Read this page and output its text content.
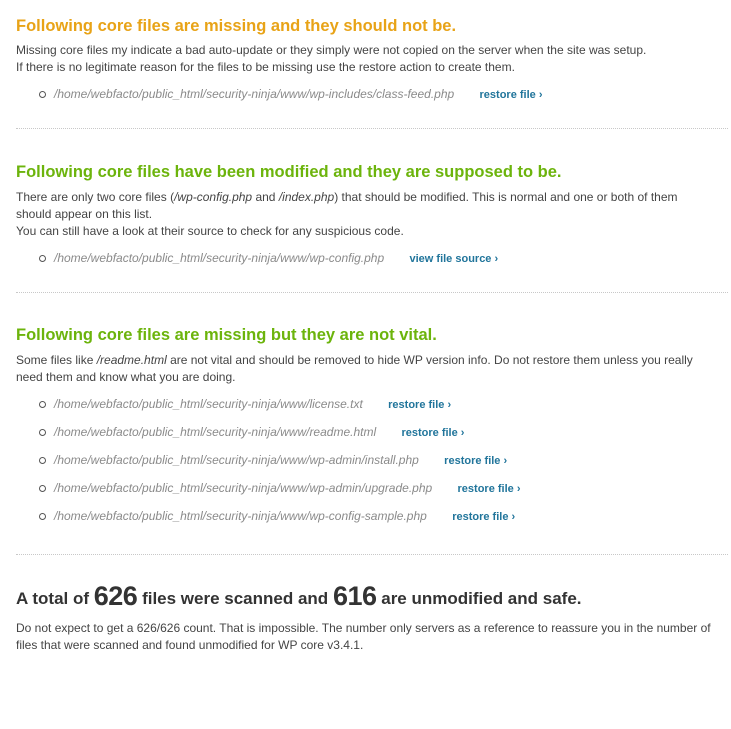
Following core files are missing and they should not be.

Missing core files my indicate a bad auto-update or they simply were not copied on the server when the site was setup.
If there is no legitimate reason for the files to be missing use the restore action to create them.

/home/webfacto/public_html/security-ninja/www/wp-includes/class-feed.php restore file ›
Following core files have been modified and they are supposed to be.

There are only two core files (/wp-config.php and /index.php) that should be modified. This is normal and one or both of them should appear on this list.
You can still have a look at their source to check for any suspicious code.

/home/webfacto/public_html/security-ninja/www/wp-config.php view file source ›
Following core files are missing but they are not vital.

Some files like /readme.html are not vital and should be removed to hide WP version info. Do not restore them unless you really need them and know what you are doing.

/home/webfacto/public_html/security-ninja/www/license.txt restore file ›
/home/webfacto/public_html/security-ninja/www/readme.html restore file ›
/home/webfacto/public_html/security-ninja/www/wp-admin/install.php restore file ›
/home/webfacto/public_html/security-ninja/www/wp-admin/upgrade.php restore file ›
/home/webfacto/public_html/security-ninja/www/wp-config-sample.php restore file ›
A total of 626 files were scanned and 616 are unmodified and safe.

Do not expect to get a 626/626 count. That is impossible. The number only servers as a reference to reassure you in the number of files that were scanned and found unmodified for WP core v3.4.1.
